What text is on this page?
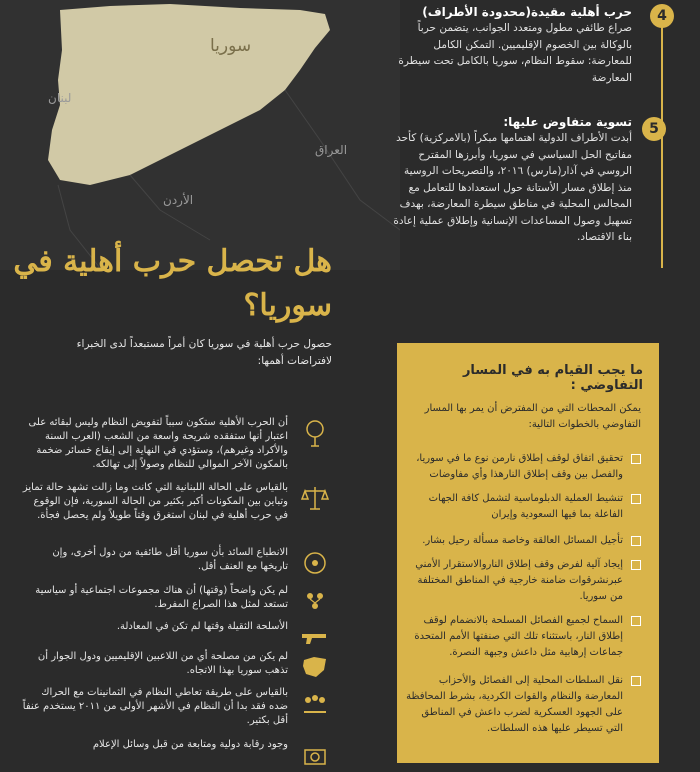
سوريا
لبنان
العراق
الأردن
4
حرب أهلية مقيدة(محدودة الأطراف)
صراع طائفي مطول ومتعدد الجوانب، يتضمن حرباً بالوكالة بين الخصوم الإقليميين. التمكن الكامل للمعارضة: سقوط النظام، سوريا بالكامل تحت سيطرة المعارضة
5
تسوية متفاوض عليها:
أبدت الأطراف الدولية اهتمامها مبكراً (بالامركزية) كأحد مفاتيح الحل السياسي في سوريا، وأبرزها المقترح الروسي في آذار(مارس) ٢٠١٦، والتصريحات الروسية منذ إطلاق مسار الأستانة حول استعدادها للتعامل مع المجالس المحلية في مناطق سيطرة المعارضة، بهدف تسهيل وصول المساعدات الإنسانية وإطلاق عملية إعادة بناء الاقتصاد.
هل تحصل حرب أهلية في سوريا؟
حصول حرب أهلية في سوريا كان أمراً مستبعداً لدى الخبراء لافتراضات أهمها:
أن الحرب الأهلية ستكون سبباً لتفويض النظام وليس لبقائه على اعتبار أنها ستفقده شريحة واسعة من الشعب (العرب السنة والأكراد وغيرهم)، وستؤدي في النهاية إلى إيقاع خسائر ضخمة بالمكون الآخر الموالي للنظام وصولاً إلى تهالكه.
بالقياس على الحالة اللبنانية التي كانت وما زالت تشهد حالة تمايز وتباين بين المكونات أكبر بكثير من الحالة السورية، فإن الوقوع في حرب أهلية في لبنان استغرق وقتاً طويلاً ولم يحصل فجأة.
الانطباع السائد بأن سوريا أقل طائفية من دول أخرى، وإن تاريخها مع العنف أقل.
لم يكن واضحاً (وقتها) أن هناك مجموعات اجتماعية أو سياسية تستعد لمثل هذا الصراع المفرط.
الأسلحة الثقيلة وقتها لم تكن في المعادلة.
لم يكن من مصلحة أي من اللاعبين الإقليميين ودول الجوار أن تذهب سوريا بهذا الاتجاه.
بالقياس على طريقة تعاطي النظام في الثمانينات مع الحراك ضده فقد بدا أن النظام في الأشهر الأولى من ٢٠١١ يستخدم عنفاً أقل بكثير.
وجود رقابة دولية ومتابعة من قبل وسائل الإعلام
ما يجب القيام به في المسار التفاوضي :
يمكن المحطات التي من المفترض أن يمر بها المسار التفاوضي بالخطوات التالية:
تحقيق اتفاق لوقف إطلاق نارمن نوع ما في سوريا، والفصل بين وقف إطلاق النارهذا وأي مفاوضات
تنشيط العملية الدبلوماسية لتشمل كافة الجهات الفاعلة بما فيها السعودية وإيران
تأجيل المسائل العالقة وخاصة مسألة رحيل بشار.
إيجاد آلية لفرض وقف إطلاق الناروالاستقرار الأمني عبرنشرقوات ضامنة خارجية في المناطق المختلفة من سوريا.
السماح لجميع الفصائل المسلحة بالانضمام لوقف إطلاق النار، باستثناء تلك التي صنفتها الأمم المتحدة جماعات إرهابية مثل داعش وجبهة النصرة.
نقل السلطات المحلية إلى الفصائل والأحزاب المعارضة والنظام والقوات الكردية، بشرط المحافظة على الجهود العسكرية لضرب داعش في المناطق التي تسيطر عليها هذه السلطات.
